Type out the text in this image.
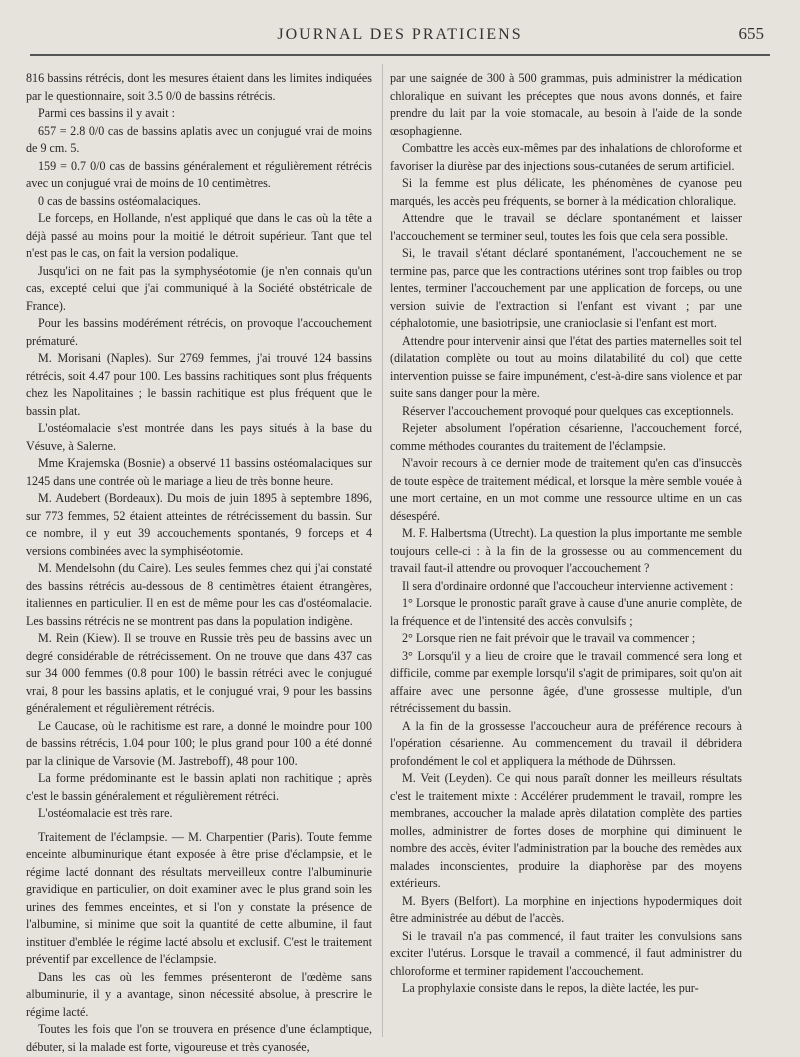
JOURNAL DES PRATICIENS	655

816 bassins rétrécis, dont les mesures étaient dans les limites indiquées par le questionnaire, soit 3.5 0/0 de bassins rétrécis.

Parmi ces bassins il y avait :

657 = 2.8 0/0 cas de bassins aplatis avec un conjugué vrai de moins de 9 cm. 5.

159 = 0.7 0/0 cas de bassins généralement et régulièrement rétrécis avec un conjugué vrai de moins de 10 centimètres.

0 cas de bassins ostéomalaciques.

Le forceps, en Hollande, n'est appliqué que dans le cas où la tête a déjà passé au moins pour la moitié le détroit supérieur. Tant que tel n'est pas le cas, on fait la version podalique.

Jusqu'ici on ne fait pas la symphyséotomie (je n'en connais qu'un cas, excepté celui que j'ai communiqué à la Société obstétricale de France).

Pour les bassins modérément rétrécis, on provoque l'accouchement prématuré.

M. Morisani (Naples). Sur 2769 femmes, j'ai trouvé 124 bassins rétrécis, soit 4.47 pour 100. Les bassins rachitiques sont plus fréquents chez les Napolitaines ; le bassin rachitique est plus fréquent que le bassin plat.

L'ostéomalacie s'est montrée dans les pays situés à la base du Vésuve, à Salerne.

Mme Krajemska (Bosnie) a observé 11 bassins ostéomalaciques sur 1245 dans une contrée où le mariage a lieu de très bonne heure.

M. Audebert (Bordeaux). Du mois de juin 1895 à septembre 1896, sur 773 femmes, 52 étaient atteintes de rétrécissement du bassin. Sur ce nombre, il y eut 39 accouchements spontanés, 9 forceps et 4 versions combinées avec la symphiséotomie.

M. Mendelsohn (du Caire). Les seules femmes chez qui j'ai constaté des bassins rétrécis au-dessous de 8 centimètres étaient étrangères, italiennes en particulier. Il en est de même pour les cas d'ostéomalacie. Les bassins rétrécis ne se montrent pas dans la population indigène.

M. Rein (Kiew). Il se trouve en Russie très peu de bassins avec un degré considérable de rétrécissement. On ne trouve que dans 437 cas sur 34 000 femmes (0.8 pour 100) le bassin rétréci avec le conjugué vrai, 8 pour les bassins aplatis, et le conjugué vrai, 9 pour les bassins généralement et régulièrement rétrécis.

Le Caucase, où le rachitisme est rare, a donné le moindre pour 100 de bassins rétrécis, 1.04 pour 100; le plus grand pour 100 a été donné par la clinique de Varsovie (M. Jastreboff), 48 pour 100.

La forme prédominante est le bassin aplati non rachitique ; après c'est le bassin généralement et régulièrement rétréci.

L'ostéomalacie est très rare.

Traitement de l'éclampsie. — M. Charpentier (Paris). Toute femme enceinte albuminurique étant exposée à être prise d'éclampsie, et le régime lacté donnant des résultats merveilleux contre l'albuminurie gravidique en particulier, on doit examiner avec le plus grand soin les urines des femmes enceintes, et si l'on y constate la présence de l'albumine, si minime que soit la quantité de cette albumine, il faut instituer d'emblée le régime lacté absolu et exclusif. C'est le traitement préventif par excellence de l'éclampsie.

Dans les cas où les femmes présenteront de l'œdème sans albuminurie, il y a avantage, sinon nécessité absolue, à prescrire le régime lacté.

Toutes les fois que l'on se trouvera en présence d'une éclamptique, débuter, si la malade est forte, vigoureuse et très cyanosée,

par une saignée de 300 à 500 grammas, puis administrer la médication chloralique en suivant les préceptes que nous avons donnés, et faire prendre du lait par la voie stomacale, au besoin à l'aide de la sonde œsophagienne.

Combattre les accès eux-mêmes par des inhalations de chloroforme et favoriser la diurèse par des injections sous-cutanées de serum artificiel.

Si la femme est plus délicate, les phénomènes de cyanose peu marqués, les accès peu fréquents, se borner à la médication chloralique.

Attendre que le travail se déclare spontanément et laisser l'accouchement se terminer seul, toutes les fois que cela sera possible.

Si, le travail s'étant déclaré spontanément, l'accouchement ne se termine pas, parce que les contractions utérines sont trop faibles ou trop lentes, terminer l'accouchement par une application de forceps, ou une version suivie de l'extraction si l'enfant est vivant ; par une céphalotomie, une basiotripsie, une cranioclasie si l'enfant est mort.

Attendre pour intervenir ainsi que l'état des parties maternelles soit tel (dilatation complète ou tout au moins dilatabilité du col) que cette intervention puisse se faire impunément, c'est-à-dire sans violence et par suite sans danger pour la mère.

Réserver l'accouchement provoqué pour quelques cas exceptionnels.

Rejeter absolument l'opération césarienne, l'accouchement forcé, comme méthodes courantes du traitement de l'éclampsie.

N'avoir recours à ce dernier mode de traitement qu'en cas d'insuccès de toute espèce de traitement médical, et lorsque la mère semble vouée à une mort certaine, en un mot comme une ressource ultime en un cas désespéré.

M. F. Halbertsma (Utrecht). La question la plus importante me semble toujours celle-ci : à la fin de la grossesse ou au commencement du travail faut-il attendre ou provoquer l'accouchement ?

Il sera d'ordinaire ordonné que l'accoucheur intervienne activement :

1° Lorsque le pronostic paraît grave à cause d'une anurie complète, de la fréquence et de l'intensité des accès convulsifs ;

2° Lorsque rien ne fait prévoir que le travail va commencer ;

3° Lorsqu'il y a lieu de croire que le travail commencé sera long et difficile, comme par exemple lorsqu'il s'agit de primipares, soit qu'on ait affaire avec une personne âgée, d'une grossesse multiple, d'un rétrécissement du bassin.

A la fin de la grossesse l'accoucheur aura de préférence recours à l'opération césarienne. Au commencement du travail il débridera profondément le col et appliquera la méthode de Dührssen.

M. Veit (Leyden). Ce qui nous paraît donner les meilleurs résultats c'est le traitement mixte : Accélérer prudemment le travail, rompre les membranes, accoucher la malade après dilatation complète des parties molles, administrer de fortes doses de morphine qui diminuent le nombre des accès, éviter l'administration par la bouche des remèdes aux malades inconscientes, produire la diaphorèse par des moyens extérieurs.

M. Byers (Belfort). La morphine en injections hypodermiques doit être administrée au début de l'accès.

Si le travail n'a pas commencé, il faut traiter les convulsions sans exciter l'utérus. Lorsque le travail a commencé, il faut administrer du chloroforme et terminer rapidement l'accouchement.

La prophylaxie consiste dans le repos, la diète lactée, les pur-
